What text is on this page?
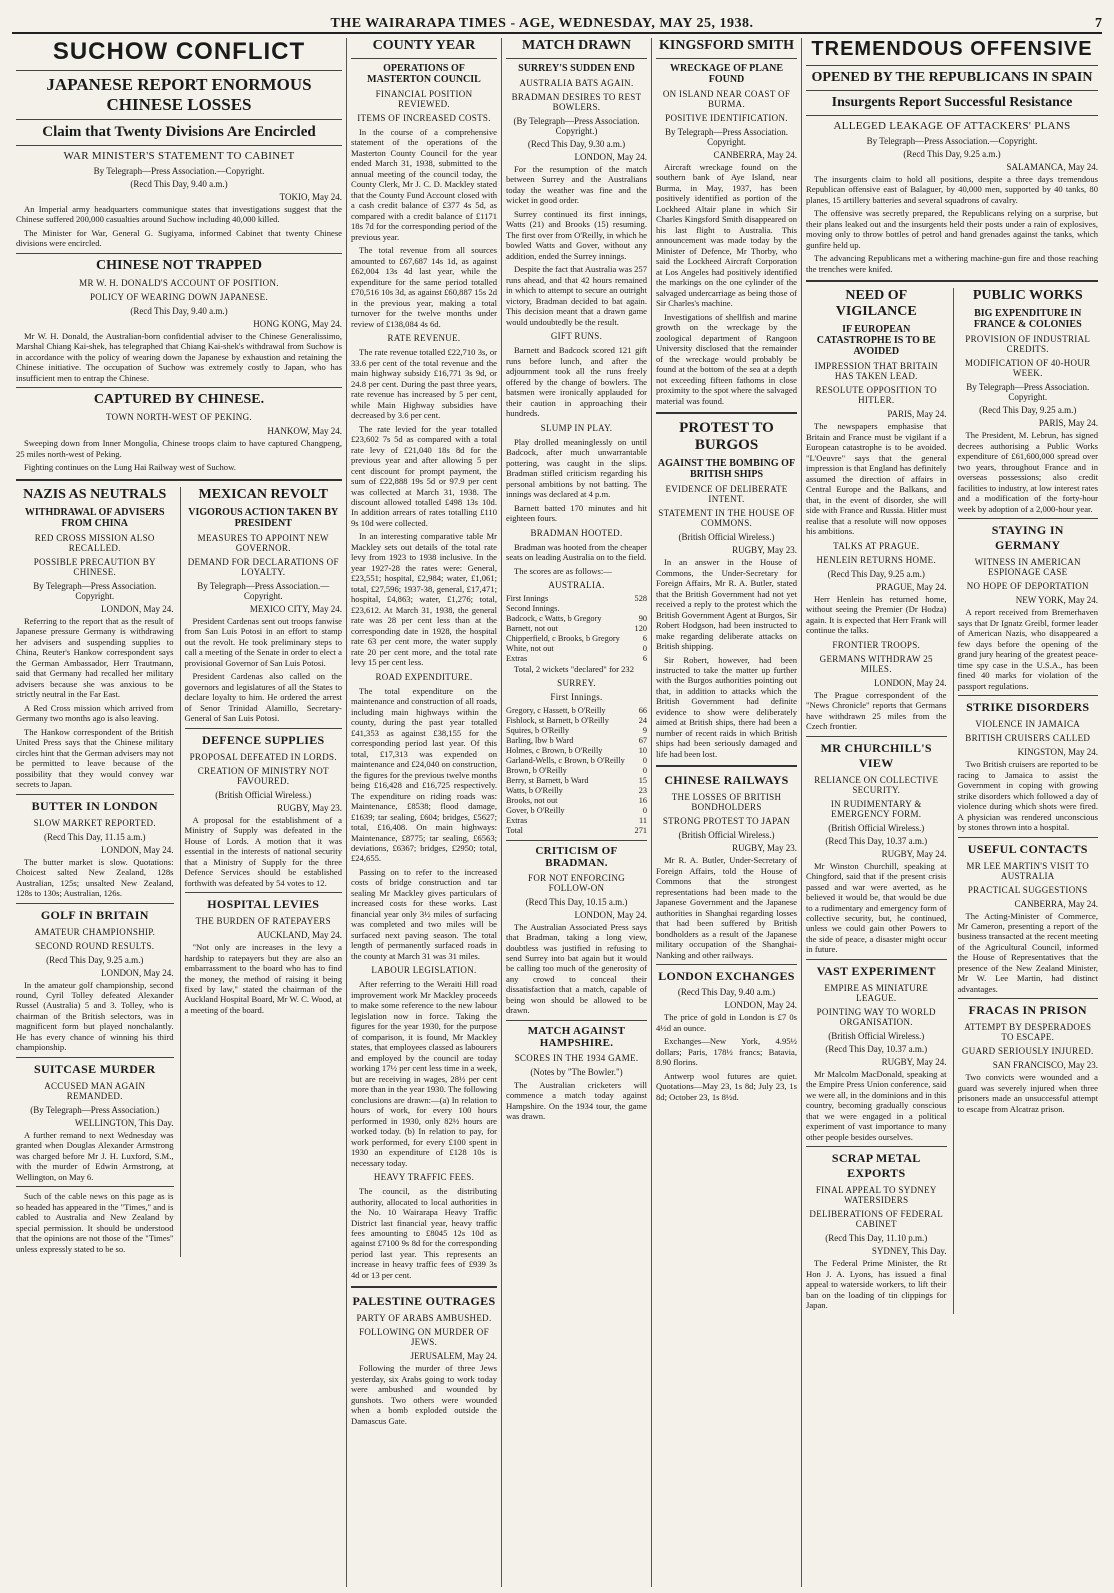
THE WAIRARAPA TIMES - AGE, WEDNESDAY, MAY 25, 1938.	7
SUCHOW CONFLICT
JAPANESE REPORT ENORMOUS CHINESE LOSSES
Claim that Twenty Divisions Are Encircled
WAR MINISTER'S STATEMENT TO CABINET
By Telegraph—Press Association.—Copyright.
(Recd This Day, 9.40 a.m.)
TOKIO, May 24.

An Imperial army headquarters communique states that investigations suggest that the Chinese suffered 200,000 casualties around Suchow including 40,000 killed.

The Minister for War, General G. Sugiyama, informed Cabinet that twenty Chinese divisions were encircled.

CHINESE NOT TRAPPED
MR W. H. DONALD'S ACCOUNT OF POSITION.
POLICY OF WEARING DOWN JAPANESE.
(Recd This Day, 9.40 a.m.)
HONG KONG, May 24.

Mr W. H. Donald, the Australian-born confidential adviser to the Chinese Generalissimo, Marshal Chiang Kai-shek, has telegraphed that Chiang Kai-shek's withdrawal from Suchow is in accordance with the policy of wearing down the Japanese by exhaustion and retaining the Chinese initiative. The occupation of Suchow was extremely costly to Japan, who has insufficient men to entrap the Chinese.

CAPTURED BY CHINESE.
TOWN NORTH-WEST OF PEKING.
HANKOW, May 24.

Sweeping down from Inner Mongolia, Chinese troops claim to have captured Changpeng, 25 miles north-west of Peking.

Fighting continues on the Lung Hai Railway west of Suchow.

NAZIS AS NEUTRALS
WITHDRAWAL OF ADVISERS FROM CHINA
RED CROSS MISSION ALSO RECALLED.
POSSIBLE PRECAUTION BY CHINESE.
By Telegraph—Press Association. Copyright.
LONDON, May 24.

Referring to the report that as the result of Japanese pressure Germany is withdrawing her advisers and suspending supplies to China, Reuter's Hankow correspondent says the German Ambassador, Herr Trautmann, said that Germany had recalled her military advisers because she was anxious to be strictly neutral in the Far East.

A Red Cross mission which arrived from Germany two months ago is also leaving.

The Hankow correspondent of the British United Press says that the Chinese military circles hint that the German advisers may not be permitted to leave because of the possibility that they would convey war secrets to Japan.

BUTTER IN LONDON
SLOW MARKET REPORTED.
(Recd This Day, 11.15 a.m.)
LONDON, May 24.

The butter market is slow. Quotations: Choicest salted New Zealand, 128s Australian, 125s; unsalted New Zealand, 128s to 130s; Australian, 126s.

GOLF IN BRITAIN
AMATEUR CHAMPIONSHIP.
SECOND ROUND RESULTS.
(Recd This Day, 9.25 a.m.)
LONDON, May 24.

In the amateur golf championship, second round, Cyril Tolley defeated Alexander Russel (Australia) 5 and 3. Tolley, who is chairman of the British selectors, was in magnificent form but played nonchalantly. He has every chance of winning his third championship.

SUITCASE MURDER
ACCUSED MAN AGAIN REMANDED.
(By Telegraph—Press Association.)
WELLINGTON, This Day.

A further remand to next Wednesday was granted when Douglas Alexander Armstrong was charged before Mr J. H. Luxford, S.M., with the murder of Edwin Armstrong, at Wellington, on May 6.

Such of the cable news on this page as is so headed has appeared in the "Times," and is cabled to Australia and New Zealand by special permission. It should be understood that the opinions are not those of the "Times" unless expressly stated to be so.

MEXICAN REVOLT
VIGOROUS ACTION TAKEN BY PRESIDENT
MEASURES TO APPOINT NEW GOVERNOR.
DEMAND FOR DECLARATIONS OF LOYALTY.
By Telegraph—Press Association.—Copyright.
MEXICO CITY, May 24.

President Cardenas sent out troops fanwise from San Luis Potosi in an effort to stamp out the revolt. He took preliminary steps to call a meeting of the Senate in order to elect a provisional Governor of San Luis Potosi.

President Cardenas also called on the governors and legislatures of all the States to declare loyalty to him. He ordered the arrest of Senor Trinidad Alamillo, Secretary-General of San Luis Potosi.

DEFENCE SUPPLIES
PROPOSAL DEFEATED IN LORDS.
CREATION OF MINISTRY NOT FAVOURED.
(British Official Wireless.)
RUGBY, May 23.

A proposal for the establishment of a Ministry of Supply was defeated in the House of Lords. A motion that it was essential in the interests of national security that a Ministry of Supply for the three Defence Services should be established forthwith was defeated by 54 votes to 12.

HOSPITAL LEVIES
THE BURDEN OF RATEPAYERS
AUCKLAND, May 24.

"Not only are increases in the levy a hardship to ratepayers but they are also an embarrassment to the board who has to find the money, the method of raising it being fixed by law," stated the chairman of the Auckland Hospital Board, Mr W. C. Wood, at a meeting of the board.

COUNTY YEAR
OPERATIONS OF MASTERTON COUNCIL
FINANCIAL POSITION REVIEWED.
ITEMS OF INCREASED COSTS.

In the course of a comprehensive statement of the operations of the Masterton County Council for the year ended March 31, 1938, submitted to the annual meeting of the council today, the County Clerk, Mr J. C. D. Mackley stated that the County Fund Account closed with a cash credit balance of £377 4s 5d, as compared with a credit balance of £1171 18s 7d for the corresponding period of the previous year.

The total revenue from all sources amounted to £67,687 14s 1d, as against £62,004 13s 4d last year, while the expenditure for the same period totalled £70,516 10s 3d, as against £60,887 15s 2d in the previous year, making a total turnover for the twelve months under review of £138,084 4s 6d.

RATE REVENUE.

The rate revenue totalled £22,710 3s, or 33.6 per cent of the total revenue and the main highway subsidy £16,771 3s 9d, or 24.8 per cent. During the past three years, rate revenue has increased by 5 per cent, while Main Highway subsidies have decreased by 3.6 per cent.

The rate levied for the year totalled £23,602 7s 5d as compared with a total rate levy of £21,040 18s 8d for the previous year and after allowing 5 per cent discount for prompt payment, the sum of £22,888 19s 5d or 97.9 per cent was collected at March 31, 1938. The discount allowed totalled £498 13s 10d. In addition arrears of rates totalling £110 9s 10d were collected.

In an interesting comparative table Mr Mackley sets out details of the total rate levy from 1923 to 1938 inclusive. In the year 1927-28 the rates were: General, £23,551; hospital, £2,984; water, £1,061; total, £27,596; 1937-38, general, £17,471; hospital, £4,863; water, £1,276; total, £23,612. At March 31, 1938, the general rate was 28 per cent less than at the corresponding date in 1928, the hospital rate 63 per cent more, the water supply rate 20 per cent more, and the total rate levy 15 per cent less.

ROAD EXPENDITURE.

The total expenditure on the maintenance and construction of all roads, including main highways within the county, during the past year totalled £41,353 as against £38,155 for the corresponding period last year. Of this total, £17,313 was expended on maintenance and £24,040 on construction, the figures for the previous twelve months being £16,428 and £16,725 respectively. The expenditure on riding roads was: Maintenance, £8538; flood damage, £1639; tar sealing, £604; bridges, £5627; total, £16,408. On main highways: Maintenance, £8775; tar sealing, £6563; deviations, £6367; bridges, £2950; total, £24,655.

Passing on to refer to the increased costs of bridge construction and tar sealing Mr Mackley gives particulars of increased costs for these works. Last financial year only 3½ miles of surfacing was completed and two miles will be surfaced next paving season. The total length of permanently surfaced roads in the county at March 31 was 31 miles.

LABOUR LEGISLATION.

After referring to the Weraiti Hill road improvement work Mr Mackley proceeds to make some reference to the new labour legislation now in force. Taking the figures for the year 1930, for the purpose of comparison, it is found, Mr Mackley states, that employees classed as labourers and employed by the council are today working 17½ per cent less time in a week, but are receiving in wages, 28½ per cent more than in the year 1930. The following conclusions are drawn:—(a) In relation to hours of work, for every 100 hours performed in 1930, only 82½ hours are worked today. (b) In relation to pay, for work performed, for every £100 spent in 1930 an expenditure of £128 10s is necessary today.

HEAVY TRAFFIC FEES.

The council, as the distributing authority, allocated to local authorities in the No. 10 Wairarapa Heavy Traffic District last financial year, heavy traffic fees amounting to £8045 12s 10d as against £7100 9s 8d for the corresponding period last year. This represents an increase in heavy traffic fees of £939 3s 4d or 13 per cent.

PALESTINE OUTRAGES
PARTY OF ARABS AMBUSHED.
FOLLOWING ON MURDER OF JEWS.
JERUSALEM, May 24.

Following the murder of three Jews yesterday, six Arabs going to work today were ambushed and wounded by gunshots. Two others were wounded when a bomb exploded outside the Damascus Gate.

MATCH DRAWN
SURREY'S SUDDEN END
AUSTRALIA BATS AGAIN.
BRADMAN DESIRES TO REST BOWLERS.
(By Telegraph—Press Association. Copyright.)
(Recd This Day, 9.30 a.m.)
LONDON, May 24.

For the resumption of the match between Surrey and the Australians today the weather was fine and the wicket in good order.

Surrey continued its first innings, Watts (21) and Brooks (15) resuming. The first over from O'Reilly, in which he bowled Watts and Gover, without any addition, ended the Surrey innings.

Despite the fact that Australia was 257 runs ahead, and that 42 hours remained in which to attempt to secure an outright victory, Bradman decided to bat again. This decision meant that a drawn game would undoubtedly be the result.

GIFT RUNS.

Barnett and Badcock scored 121 gift runs before lunch, and after the adjournment took all the runs freely offered by the change of bowlers. The batsmen were ironically applauded for their caution in approaching their hundreds.

SLUMP IN PLAY.

Play drolled meaninglessly on until Badcock, after much unwarrantable pottering, was caught in the slips. Bradman stifled criticism regarding his personal ambitions by not batting. The innings was declared at 4 p.m.

Barnett batted 170 minutes and hit eighteen fours.

BRADMAN HOOTED.

Bradman was hooted from the cheaper seats on leading Australia on to the field.

The scores are as follows:—

AUSTRALIA.
First Innings	528
Second Innings.
Badcock, c Watts, b Gregory	90
Barnett, not out	120
Chipperfield, c Brooks, b Gregory	6
White, not out	0
Extras	6

Total, 2 wickets "declared" for 232

SURREY.
First Innings.
Gregory, c Hassett, b O'Reilly	66
Fishlock, st Barnett, b O'Reilly	24
Squires, b O'Reilly	9
Barling, lbw b Ward	67
Holmes, c Brown, b O'Reilly	10
Garland-Wells, c Brown, b O'Reilly	0
Brown, b O'Reilly	0
Berry, st Barnett, b Ward	15
Watts, b O'Reilly	23
Brooks, not out	16
Gover, b O'Reilly	0
Extras	11
Total	271
CRITICISM OF BRADMAN.
FOR NOT ENFORCING FOLLOW-ON
(Recd This Day, 10.15 a.m.)
LONDON, May 24.

The Australian Associated Press says that Bradman, taking a long view, doubtless was justified in refusing to send Surrey into bat again but it would be calling too much of the generosity of any crowd to conceal their dissatisfaction that a match, capable of being won should be allowed to be drawn.

MATCH AGAINST HAMPSHIRE.
SCORES IN THE 1934 GAME.
(Notes by "The Bowler.")

The Australian cricketers will commence a match today against Hampshire. On the 1934 tour, the game was drawn.

KINGSFORD SMITH
WRECKAGE OF PLANE FOUND
ON ISLAND NEAR COAST OF BURMA.
POSITIVE IDENTIFICATION.
By Telegraph—Press Association. Copyright.
CANBERRA, May 24.

Aircraft wreckage found on the southern bank of Aye Island, near Burma, in May, 1937, has been positively identified as portion of the Lockheed Altair plane in which Sir Charles Kingsford Smith disappeared on his last flight to Australia. This announcement was made today by the Minister of Defence, Mr Thorby, who said the Lockheed Aircraft Corporation at Los Angeles had positively identified the markings on the one cylinder of the salvaged undercarriage as being those of Sir Charles's machine.

Investigations of shellfish and marine growth on the wreckage by the zoological department of Rangoon University disclosed that the remainder of the wreckage would probably be found at the bottom of the sea at a depth not exceeding fifteen fathoms in close proximity to the spot where the salvaged material was found.

PROTEST TO BURGOS
AGAINST THE BOMBING OF BRITISH SHIPS
EVIDENCE OF DELIBERATE INTENT.
STATEMENT IN THE HOUSE OF COMMONS.
(British Official Wireless.)
RUGBY, May 23.

In an answer in the House of Commons, the Under-Secretary for Foreign Affairs, Mr R. A. Butler, stated that the British Government had not yet received a reply to the protest which the British Government Agent at Burgos, Sir Robert Hodgson, had been instructed to make regarding deliberate attacks on British shipping.

Sir Robert, however, had been instructed to take the matter up further with the Burgos authorities pointing out that, in addition to attacks which the British Government had definite evidence to show were deliberately aimed at British ships, there had been a number of recent raids in which British ships had been seriously damaged and life had been lost.

CHINESE RAILWAYS
THE LOSSES OF BRITISH BONDHOLDERS
STRONG PROTEST TO JAPAN
(British Official Wireless.)
RUGBY, May 23.

Mr R. A. Butler, Under-Secretary of Foreign Affairs, told the House of Commons that the strongest representations had been made to the Japanese Government and the Japanese authorities in Shanghai regarding losses that had been suffered by British bondholders as a result of the Japanese military occupation of the Shanghai-Nanking and other railways.

LONDON EXCHANGES
(Recd This Day, 9.40 a.m.)
LONDON, May 24.

The price of gold in London is £7 0s 4½d an ounce.

Exchanges—New York, 4.95½ dollars; Paris, 178½ francs; Batavia, 8.90 florins.

Antwerp wool futures are quiet. Quotations—May 23, 1s 8d; July 23, 1s 8d; October 23, 1s 8½d.

TREMENDOUS OFFENSIVE
OPENED BY THE REPUBLICANS IN SPAIN
Insurgents Report Successful Resistance
ALLEGED LEAKAGE OF ATTACKERS' PLANS
By Telegraph—Press Association.—Copyright.
(Recd This Day, 9.25 a.m.)
SALAMANCA, May 24.

The insurgents claim to hold all positions, despite a three days tremendous Republican offensive east of Balaguer, by 40,000 men, supported by 40 tanks, 80 planes, 15 artillery batteries and several squadrons of cavalry.

The offensive was secretly prepared, the Republicans relying on a surprise, but their plans leaked out and the insurgents held their posts under a rain of explosives, moving only to throw bottles of petrol and hand grenades against the tanks, which gunfire held up.

The advancing Republicans met a withering machine-gun fire and those reaching the trenches were knifed.

NEED OF VIGILANCE
IF EUROPEAN CATASTROPHE IS TO BE AVOIDED
IMPRESSION THAT BRITAIN HAS TAKEN LEAD.
RESOLUTE OPPOSITION TO HITLER.
PARIS, May 24.

The newspapers emphasise that Britain and France must be vigilant if a European catastrophe is to be avoided. "L'Oeuvre" says that the general impression is that England has definitely assumed the direction of affairs in Central Europe and the Balkans, and that, in the event of disorder, she will side with France and Russia. Hitler must realise that a resolute will now opposes his ambitions.

TALKS AT PRAGUE.
HENLEIN RETURNS HOME.
(Recd This Day, 9.25 a.m.)
PRAGUE, May 24.

Herr Henlein has returned home, without seeing the Premier (Dr Hodza) again. It is expected that Herr Frank will continue the talks.

FRONTIER TROOPS.
GERMANS WITHDRAW 25 MILES.
LONDON, May 24.

The Prague correspondent of the "News Chronicle" reports that Germans have withdrawn 25 miles from the Czech frontier.

MR CHURCHILL'S VIEW
RELIANCE ON COLLECTIVE SECURITY.
IN RUDIMENTARY & EMERGENCY FORM.
(British Official Wireless.)
(Recd This Day, 10.37 a.m.)
RUGBY, May 24.

Mr Winston Churchill, speaking at Chingford, said that if the present crisis passed and war were averted, as he believed it would be, that would be due to a rudimentary and emergency form of collective security, but, he continued, unless we could gain other Powers to the side of peace, a disaster might occur in future.

VAST EXPERIMENT
EMPIRE AS MINIATURE LEAGUE.
POINTING WAY TO WORLD ORGANISATION.
(British Official Wireless.)
(Recd This Day, 10.37 a.m.)
RUGBY, May 24.

Mr Malcolm MacDonald, speaking at the Empire Press Union conference, said we were all, in the dominions and in this country, becoming gradually conscious that we were engaged in a political experiment of vast importance to many other people besides ourselves.

SCRAP METAL EXPORTS
FINAL APPEAL TO SYDNEY WATERSIDERS
DELIBERATIONS OF FEDERAL CABINET
(Recd This Day, 11.10 p.m.)
SYDNEY, This Day.

The Federal Prime Minister, the Rt Hon J. A. Lyons, has issued a final appeal to waterside workers, to lift their ban on the loading of tin clippings for Japan.

PUBLIC WORKS
BIG EXPENDITURE IN FRANCE & COLONIES
PROVISION OF INDUSTRIAL CREDITS.
MODIFICATION OF 40-HOUR WEEK.
By Telegraph—Press Association. Copyright.
(Recd This Day, 9.25 a.m.)
PARIS, May 24.

The President, M. Lebrun, has signed decrees authorising a Public Works expenditure of £61,600,000 spread over two years, throughout France and in overseas possessions; also credit facilities to industry, at low interest rates and a modification of the forty-hour week by adoption of a 2,000-hour year.

STAYING IN GERMANY
WITNESS IN AMERICAN ESPIONAGE CASE
NO HOPE OF DEPORTATION
NEW YORK, May 24.

A report received from Bremerhaven says that Dr Ignatz Greibl, former leader of American Nazis, who disappeared a few days before the opening of the grand jury hearing of the greatest peace-time spy case in the U.S.A., has been fined 40 marks for violation of the passport regulations.

STRIKE DISORDERS
VIOLENCE IN JAMAICA
BRITISH CRUISERS CALLED
KINGSTON, May 24.

Two British cruisers are reported to be racing to Jamaica to assist the Government in coping with growing strike disorders which followed a day of violence during which shots were fired. A physician was rendered unconscious by stones thrown into a hospital.

USEFUL CONTACTS
MR LEE MARTIN'S VISIT TO AUSTRALIA
PRACTICAL SUGGESTIONS
CANBERRA, May 24.

The Acting-Minister of Commerce, Mr Cameron, presenting a report of the business transacted at the recent meeting of the Agricultural Council, informed the House of Representatives that the presence of the New Zealand Minister, Mr W. Lee Martin, had distinct advantages.

FRACAS IN PRISON
ATTEMPT BY DESPERADOES TO ESCAPE.
GUARD SERIOUSLY INJURED.
SAN FRANCISCO, May 23.

Two convicts were wounded and a guard was severely injured when three prisoners made an unsuccessful attempt to escape from Alcatraz prison.
